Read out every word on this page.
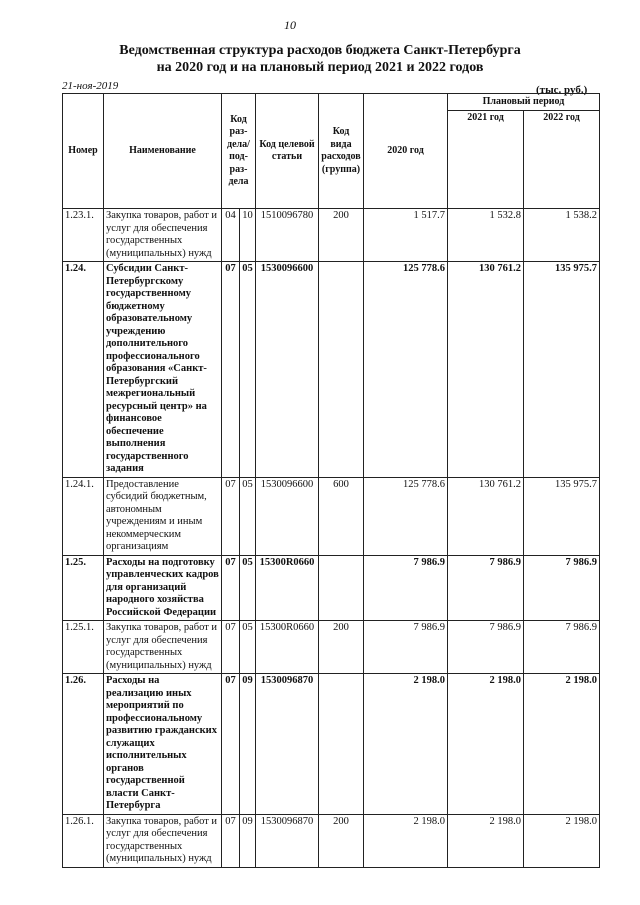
10
Ведомственная структура расходов бюджета Санкт-Петербурга
на 2020 год и на плановый период 2021 и 2022 годов
21-ноя-2019	(тыс. руб.)
Номер	Наименование	Код раз- дела/ под- раз- дела		Код целевой статьи	Код вида расходов (группа)	2020 год	Плановый период	
							2021 год	2022 год
1.23.1.	Закупка товаров, работ и услуг для обеспечения государственных (муниципальных) нужд	04	10	1510096780	200	1 517.7	1 532.8	1 538.2
1.24.	Субсидии Санкт-Петербургскому государственному бюджетному образовательному учреждению дополнительного профессионального образования «Санкт-Петербургский межрегиональный ресурсный центр» на финансовое обеспечение выполнения государственного задания	07	05	1530096600		125 778.6	130 761.2	135 975.7
1.24.1.	Предоставление субсидий бюджетным, автономным учреждениям и иным некоммерческим организациям	07	05	1530096600	600	125 778.6	130 761.2	135 975.7
1.25.	Расходы на подготовку управленческих кадров для организаций народного хозяйства Российской Федерации	07	05	15300R0660		7 986.9	7 986.9	7 986.9
1.25.1.	Закупка товаров, работ и услуг для обеспечения государственных (муниципальных) нужд	07	05	15300R0660	200	7 986.9	7 986.9	7 986.9
1.26.	Расходы на реализацию иных мероприятий по профессиональному развитию гражданских служащих исполнительных органов государственной власти Санкт-Петербурга	07	09	1530096870		2 198.0	2 198.0	2 198.0
1.26.1.	Закупка товаров, работ и услуг для обеспечения государственных (муниципальных) нужд	07	09	1530096870	200	2 198.0	2 198.0	2 198.0
